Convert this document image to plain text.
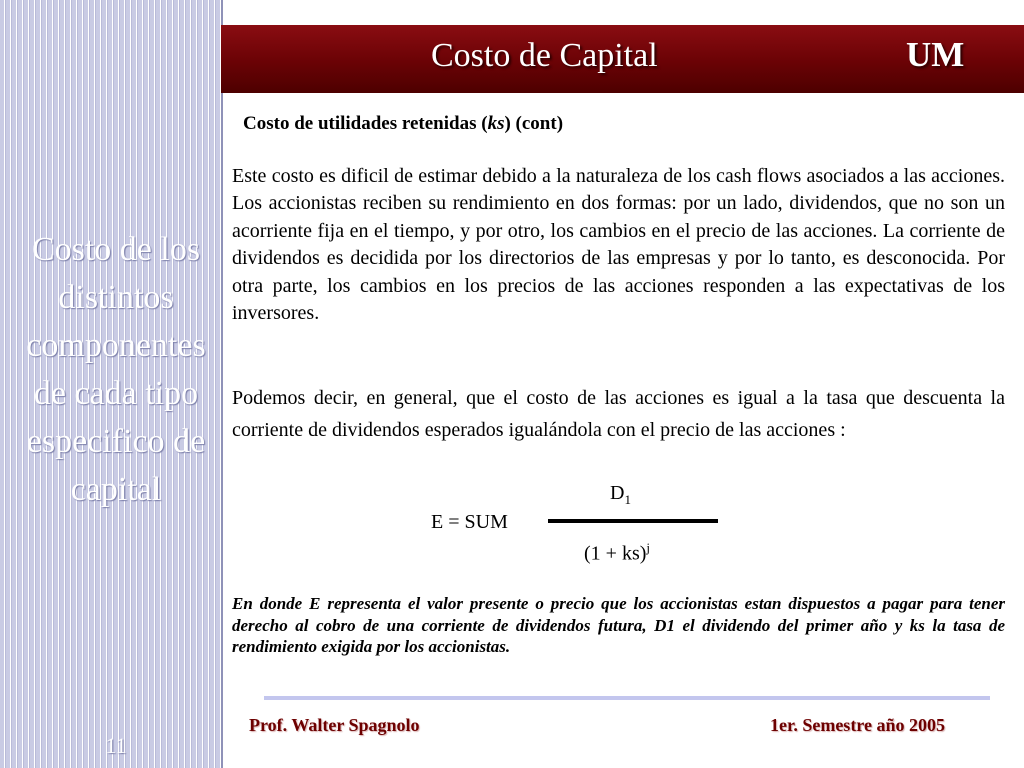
Costo de los
distintos
componentes
de cada tipo
especifico de
capital
11
Costo de Capital	UM
Costo de utilidades retenidas (ks) (cont)
Este costo es dificil de estimar debido a la naturaleza de los cash flows asociados a las acciones. Los accionistas reciben su rendimiento en dos formas: por un lado, dividendos, que no son un acorriente fija en el tiempo, y por otro, los cambios en el precio de las acciones. La corriente de dividendos es decidida por los directorios de las empresas y por lo tanto, es desconocida. Por otra parte, los cambios en los precios de las acciones responden a las expectativas de los inversores.
Podemos decir, en general, que el costo de las acciones es igual a la tasa que descuenta la corriente de dividendos esperados igualándola con el precio de las acciones :
$D_1$
E = SUM
(1 + ks)$^j$
En donde E representa el valor presente o precio que los accionistas estan dispuestos a pagar para tener derecho al cobro de una corriente de dividendos futura, D1 el dividendo del primer año y ks la tasa de rendimiento exigida por los accionistas.
Prof. Walter Spagnolo	1er. Semestre año 2005
